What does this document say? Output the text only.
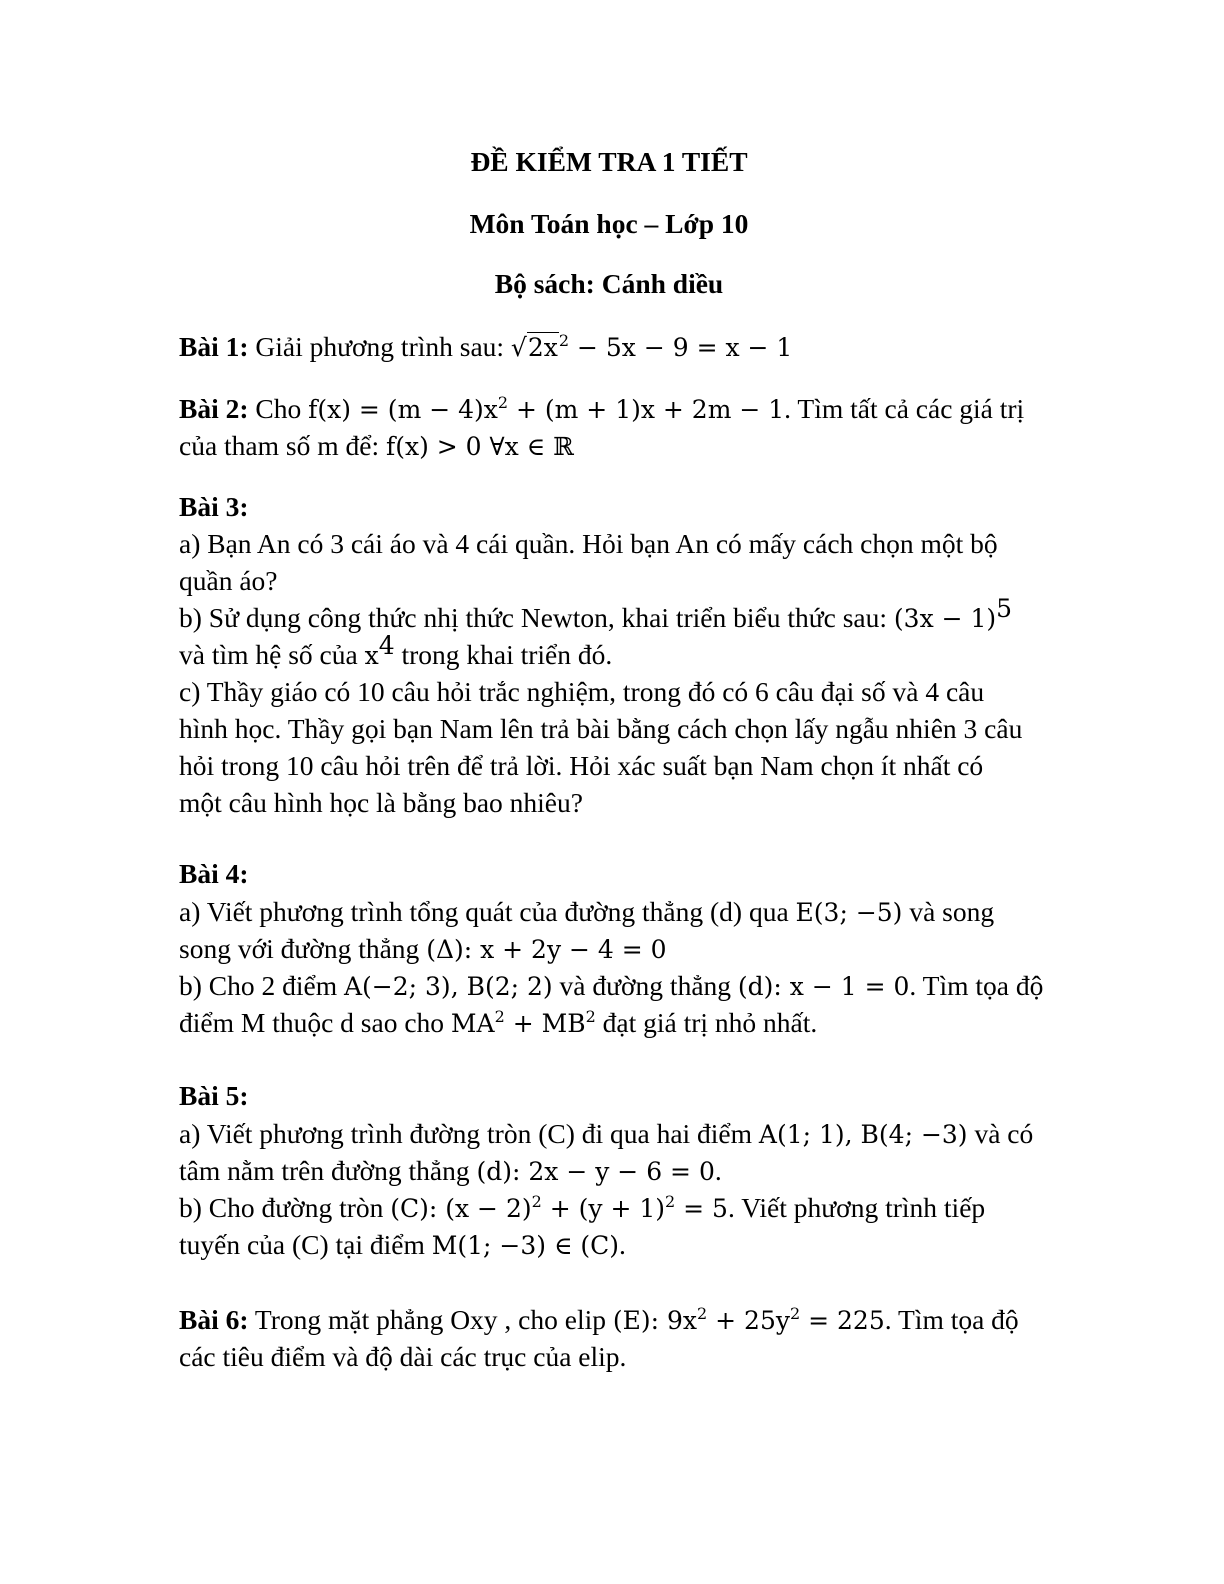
ĐỀ KIỂM TRA 1 TIẾT
Môn Toán học – Lớp 10
Bộ sách: Cánh diều
Bài 1: Giải phương trình sau: $√2x^2 - 5x - 9 = x - 1$
Bài 2: Cho $f(x) = (m - 4)x^2 + (m + 1)x + 2m - 1$. Tìm tất cả các giá trị
của tham số m để: f(x) > 0 ∀x ∈ ℝ
Bài 3:
a) Bạn An có 3 cái áo và 4 cái quần. Hỏi bạn An có mấy cách chọn một bộ
quần áo?
b) Sử dụng công thức nhị thức Newton, khai triển biểu thức sau: $(3x - 1)^5$
và tìm hệ số của $x^4$ trong khai triển đó.
c) Thầy giáo có 10 câu hỏi trắc nghiệm, trong đó có 6 câu đại số và 4 câu
hình học. Thầy gọi bạn Nam lên trả bài bằng cách chọn lấy ngẫu nhiên 3 câu
hỏi trong 10 câu hỏi trên để trả lời. Hỏi xác suất bạn Nam chọn ít nhất có
một câu hình học là bằng bao nhiêu?
Bài 4:
a) Viết phương trình tổng quát của đường thẳng (d) qua E(3; −5) và song
song với đường thẳng (Δ): x + 2y − 4 = 0
b) Cho 2 điểm A(−2; 3), B(2; 2) và đường thẳng (d): x − 1 = 0. Tìm tọa độ
điểm M thuộc d sao cho $MA^2 + MB^2$ đạt giá trị nhỏ nhất.
Bài 5:
a) Viết phương trình đường tròn (C) đi qua hai điểm A(1; 1), B(4; −3) và có
tâm nằm trên đường thẳng (d): 2x − y − 6 = 0.
b) Cho đường tròn (C): $(x - 2)^2 + (y + 1)^2 = 5$. Viết phương trình tiếp
tuyến của (C) tại điểm M(1; −3) ∈ (C).
Bài 6: Trong mặt phẳng Oxy , cho elip (E): $9x^2 + 25y^2 = 225$. Tìm tọa độ
các tiêu điểm và độ dài các trục của elip.
